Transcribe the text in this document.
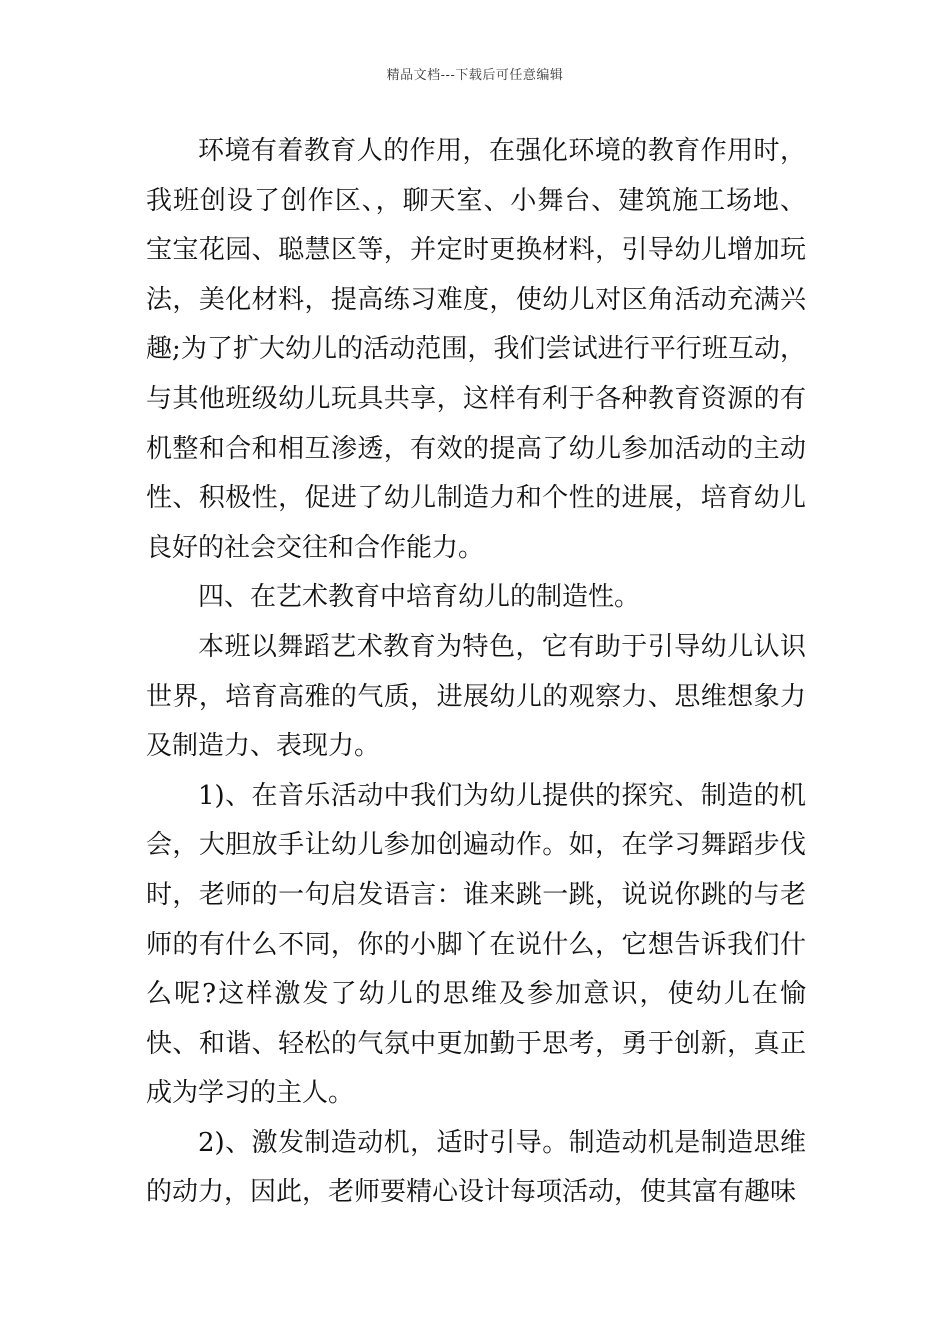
精品文档---下载后可任意编辑

环境有着教育人的作用，在强化环境的教育作用时，我班创设了创作区、，聊天室、小舞台、建筑施工场地、宝宝花园、聪慧区等，并定时更换材料，引导幼儿增加玩法，美化材料，提高练习难度，使幼儿对区角活动充满兴趣;为了扩大幼儿的活动范围，我们尝试进行平行班互动，与其他班级幼儿玩具共享，这样有利于各种教育资源的有机整和合和相互渗透，有效的提高了幼儿参加活动的主动性、积极性，促进了幼儿制造力和个性的进展，培育幼儿良好的社会交往和合作能力。

四、在艺术教育中培育幼儿的制造性。

本班以舞蹈艺术教育为特色，它有助于引导幼儿认识世界，培育高雅的气质，进展幼儿的观察力、思维想象力及制造力、表现力。

1)、在音乐活动中我们为幼儿提供的探究、制造的机会，大胆放手让幼儿参加创遍动作。如，在学习舞蹈步伐时，老师的一句启发语言：谁来跳一跳，说说你跳的与老师的有什么不同，你的小脚丫在说什么，它想告诉我们什么呢?这样激发了幼儿的思维及参加意识，使幼儿在愉快、和谐、轻松的气氛中更加勤于思考，勇于创新，真正成为学习的主人。

2)、激发制造动机，适时引导。制造动机是制造思维的动力，因此，老师要精心设计每项活动，使其富有趣味
